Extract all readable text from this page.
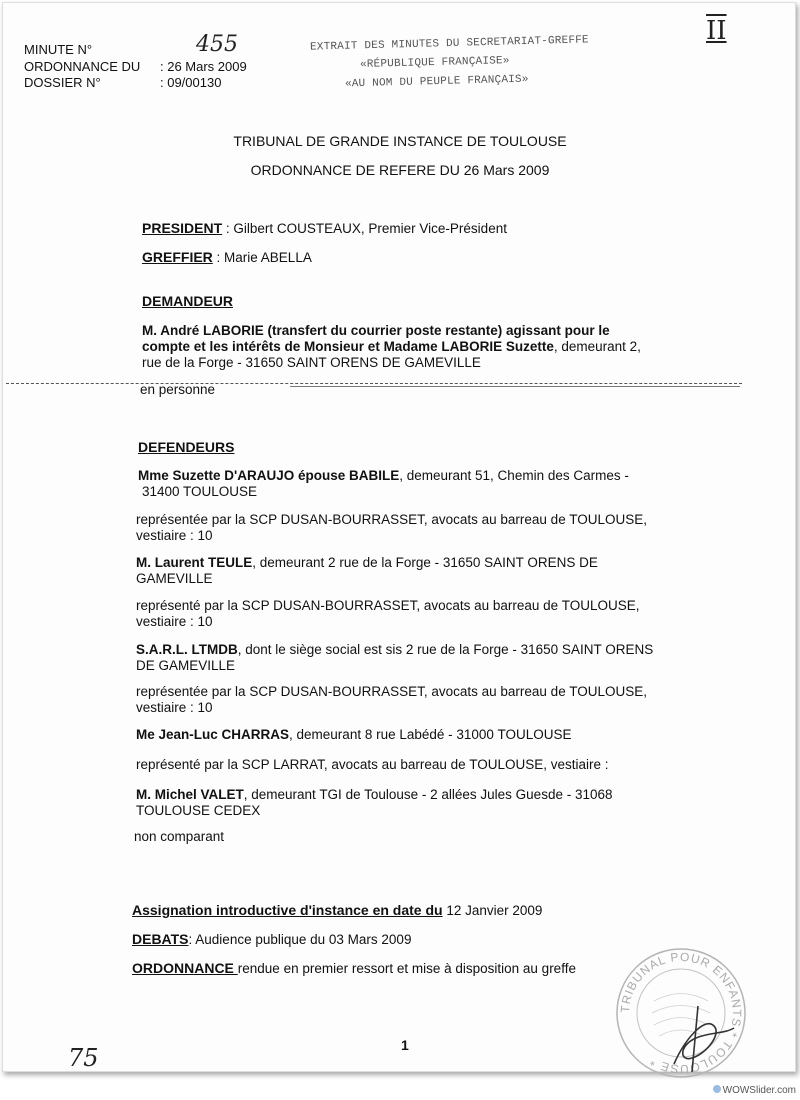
MINUTE N°	455
ORDONNANCE DU : 26 Mars 2009
DOSSIER N°	: 09/00130
EXTRAIT DES MINUTES DU SECRETARIAT-GREFFE
«RÉPUBLIQUE FRANÇAISE»
«AU NOM DU PEUPLE FRANÇAIS»
II
TRIBUNAL DE GRANDE INSTANCE DE TOULOUSE
ORDONNANCE DE REFERE DU 26 Mars 2009
PRESIDENT : Gilbert COUSTEAUX, Premier Vice-Président
GREFFIER : Marie ABELLA
DEMANDEUR
M. André LABORIE (transfert du courrier poste restante) agissant pour le
compte et les intérêts de Monsieur et Madame LABORIE Suzette, demeurant 2,
rue de la Forge - 31650 SAINT ORENS DE GAMEVILLE
en personne
DEFENDEURS
Mme Suzette D'ARAUJO épouse BABILE, demeurant 51, Chemin des Carmes -
31400 TOULOUSE
représentée par la SCP DUSAN-BOURRASSET, avocats au barreau de TOULOUSE,
vestiaire : 10
M. Laurent TEULE, demeurant 2 rue de la Forge - 31650 SAINT ORENS DE
GAMEVILLE
représenté par la SCP DUSAN-BOURRASSET, avocats au barreau de TOULOUSE,
vestiaire : 10
S.A.R.L. LTMDB, dont le siège social est sis 2 rue de la Forge - 31650 SAINT ORENS
DE GAMEVILLE
représentée par la SCP DUSAN-BOURRASSET, avocats au barreau de TOULOUSE,
vestiaire : 10
Me Jean-Luc CHARRAS, demeurant 8 rue Labédé - 31000 TOULOUSE
représenté par la SCP LARRAT, avocats au barreau de TOULOUSE, vestiaire :
M. Michel VALET, demeurant TGI de Toulouse - 2 allées Jules Guesde - 31068
TOULOUSE CEDEX
non comparant
Assignation introductive d'instance en date du 12 Janvier 2009
DEBATS: Audience publique du 03 Mars 2009
ORDONNANCE rendue en premier ressort et mise à disposition au greffe
1
75
TRIBUNAL POUR ENFANTS * TOULOUSE *
WOWSlider.com
